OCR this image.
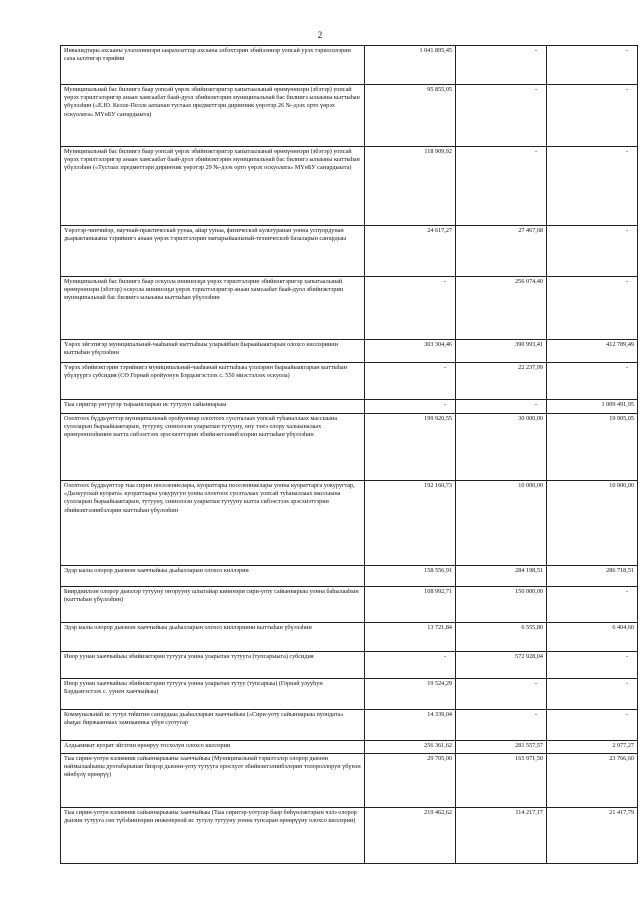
2
Инвалидтары ахсааны улэлэлиннэри ыарахсыттар ахсаана элбэхтэрин эбийээннэр уопсай урэх тэриллэлэрин саха ылэтигэр тэрийии	1 041 895,45	-	-

Муниципальнай бас билиигэ баар уопсай үөрэх эбийиэктэригэр хапытаалынай өрөмүөннэри (эбэтэр) уопсай үөрэх тэрилтэлэригэр анаан хамсаабат баай-дуол эбийиэктэрин муниципальнай бас билиигэ ылыыны кыттыһан үбүлээһин («Е.Ю. Келле-Пелле аатынан тустаах предметтэри дириҥник үөрэтэр 26 №-дээх орто үөрэх оскуолата» МҮөБУ саҥардыыта)	95 855,05	-	-

Муниципальнай бас билиигэ баар уопсай үөрэх эбийиэктэригэр хапытаалынай өрөмүөннэри (эбэтэр) уопсай үөрэх тэрилтэлэригэр анаан хамсаабат баай-дуол эбийиэктэрин муниципальнай бас билиигэ ылыыны кыттыһан үбүлээһин («Тустаах предметтэри дириҥник үөрэтэр 29 №-дээх орто үөрэх оскуолата» МҮөБУ саҥардыыта)	118 909,92	-	-

Үөрэтэр-чинчийэр, научнай-практическай уунаа, айар уунаа, физическэй культуранан уонна успуордунан дьарыктаныыны тэрийиигэ анаан үөрэх тэрилтэлэрин матырыйаалынай-техническэй базаларын саҥардыы	24 617,27	27 467,68	-

Муниципальнай бас билиигэ баар оскуола иннинээҕи үөрэх тэрилтэлэрин эбийиэктэригэр хапытаалынай өрөмүөннэри (эбэтэр) оскуола иннинээҕи үөрэх тэрилтэлэригэр анаан хамсаабат баай-дуол эбийиэктэрин муниципальнай бас билиигэ ылыыны кыттыһан үбүлээһин	-	256 074,40	-

Үөрэх эйгэтигэр муниципальнай-чааһынай кыттыһыы уларыйбын быраайыактарын олохсо киллэриини кыттыһан үбүлээһин	303 304,46	390 993,41	412 789,49

Үөрэх эбийиэктэрин тэрийиигэ муниципальнай-чааһынай кыттыһыы үлэлэрин быраайыактарын кыттыһан үбүлүүргэ субсидия (СӨ Горнай оройуонун Бэрдьигэстээх с. 550 миэстэлээх оскуола)	-	22 237,99	-

Тыа сиригэр үөтүүгэр тыраанспарын ис тутулун сайыннарыы	-	-	1 009 491,95

Олохтоох бүддьүөттэр муниципальнай оройуоннар олохтоох суолталаах уопсай туһаналлаах массыына суолларын быраайыактарын, тутууну, сиинэлээн уларытын тутууну, ону тэҥэ олору халыыналаах өрөмүөннээһинин кытта сибээстээх эрэсхиэттэрин эбийиэктэлиибэлэрин кыттыһан үбүлээһин	199 920,55	30 000,00	19 905,05

Олохтоох бүддьүөттэр тыа сирин поселениелары, куораттары поселенниелары уонна куораттарга уокуругтар, «Дьокуускай куората» куораттаары уокуругун уонна олохтоох суолталаах уопсай туһаналлаах массыына суолларын быраайыактарын, тутууну, сиинэлээн уларытын тутууну кытта сибээстээх эрэсхиэттэрин эбийиэктэлиибэлэрин кыттыһан үбүлээһин	192 160,73	10 000,00	10 000,00

Эдэр ыалы олорор дьиэнэн хааччыйыы дьаһалларын олохсо киллэрии	158 556,91	284 198,51	286 718,51

Биирдиилээн олорор дьиэлэр тутууну оҥорууну ылыгайар кииннэри сири-уоту сайыннарыы уонна баһылааһын (кыттыһан үбүлээһин)	108 992,71	150 000,00	-

Эдэр ыалы олорор дьиэнэн хааччыйыы дьаһалларын олохсо киллэриини кыттыһан үбүлээһин	13 721,84	6 555,80	6 404,60

Инор уунан хааччыйыы эбийиэктэрин тутууга уонна уларытан тутууга (тупсарыыга) субсидия	-	572 928,04	-

Инор уунан хааччыйыы эбийиэктэрин тутууга уонна уларытан тутуу (тупсарыы) (Горнай улууһун Бэрдьигэстээх с. уунен хааччыйыы)	19 524,29	-	-

Коммунальнай ис тутул тиһигин саҥардыы дьаһалларын хааччыйыы («Сири-уоту сайыннарыы пуондата» аһаҕас биржааннаах хампаанньа үбүн суотугар	14 339,04	-	-

Алдьаммыт куорат эйгэтин өрөөруу тосхолун олохсо киллэрии	256 361,62	281 557,57	2 977,27

Тыа сирин-уотун кэлимник сайыннарыыны хааччыйыы (Муниципальнай тэрилтэлэр олорор дьиэни наймылааһыны дуогабарынан биэрэр дьиэни-уоту тутууга оросхуот эбийиэктэлиибэлэрин толороллорун үбүнэн өйөбүлү өрөөрүү)	29 705,00	165 971,50	23 766,60

Тыа сирин-уотун кэлимник сайыннарыыны хааччыйыы (Тыа сиригэр-уотугар баар бөһүөлэктэрын чэлэ олорор дьиэни тутууга сөп түбэһиннэрин инженернэй ис тутулу тутууну уонна тупсаран өрөөрүүну олохсо киллэрии)	219 462,62	114 217,17	21 417,79
